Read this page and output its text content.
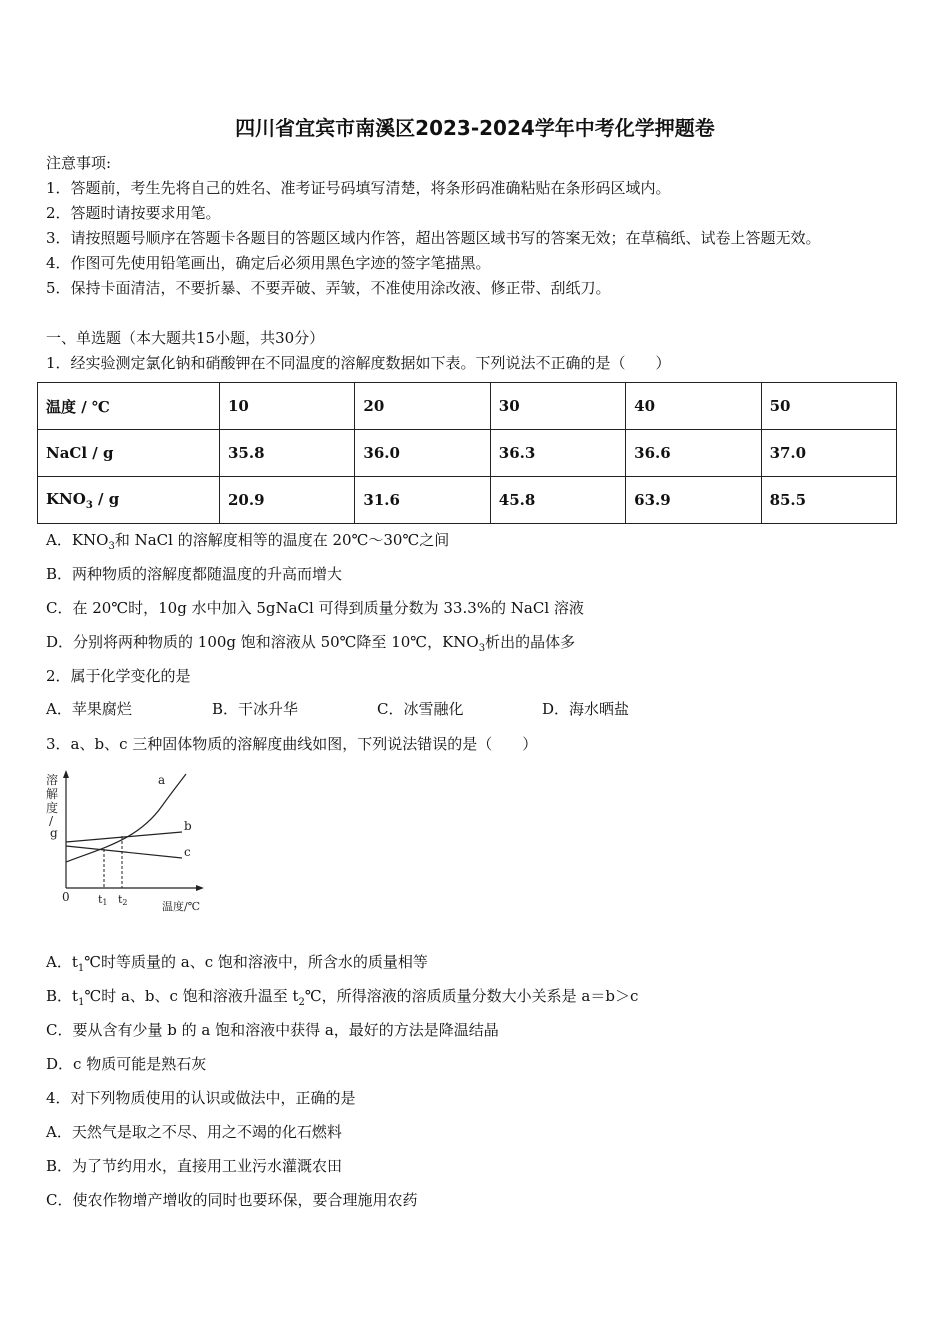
四川省宜宾市南溪区2023-2024学年中考化学押题卷
注意事项:
1．答题前，考生先将自己的姓名、准考证号码填写清楚，将条形码准确粘贴在条形码区域内。
2．答题时请按要求用笔。
3．请按照题号顺序在答题卡各题目的答题区域内作答，超出答题区域书写的答案无效；在草稿纸、试卷上答题无效。
4．作图可先使用铅笔画出，确定后必须用黑色字迹的签字笔描黑。
5．保持卡面清洁，不要折暴、不要弄破、弄皱，不准使用涂改液、修正带、刮纸刀。
一、单选题（本大题共15小题，共30分）
1．经实验测定氯化钠和硝酸钾在不同温度的溶解度数据如下表。下列说法不正确的是（　　）
温度 / ℃	10	20	30	40	50
NaCl / g	35.8	36.0	36.3	36.6	37.0
$KNO_3$ / g	20.9	31.6	45.8	63.9	85.5
A．$KNO_3$和 NaCl 的溶解度相等的温度在 20℃～30℃之间
B．两种物质的溶解度都随温度的升高而增大
C．在 20℃时，10g 水中加入 5gNaCl 可得到质量分数为 33.3%的 NaCl 溶液
D．分别将两种物质的 100g 饱和溶液从 50℃降至 10℃，$KNO_3$析出的晶体多
2．属于化学变化的是
A．苹果腐烂	B．干冰升华	C．冰雪融化	D．海水晒盐
3．a、b、c 三种固体物质的溶解度曲线如图，下列说法错误的是（　　）
溶
解
度
/
g
a
b
c
0	t1 t2	温度/℃
A．$t_1℃$时等质量的 a、c 饱和溶液中，所含水的质量相等
B．$t_1℃$时 a、b、c 饱和溶液升温至 $t_2℃$，所得溶液的溶质质量分数大小关系是 a＝b＞c
C．要从含有少量 b 的 a 饱和溶液中获得 a，最好的方法是降温结晶
D．c 物质可能是熟石灰
4．对下列物质使用的认识或做法中，正确的是
A．天然气是取之不尽、用之不竭的化石燃料
B．为了节约用水，直接用工业污水灌溉农田
C．使农作物增产增收的同时也要环保，要合理施用农药
